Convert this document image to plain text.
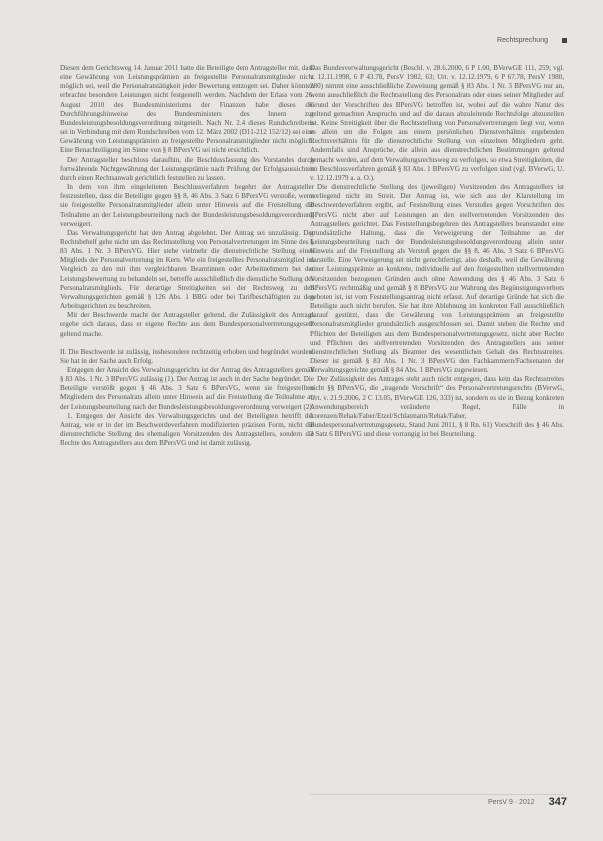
Rechtsprechung

Diesen dem Gerichtsweg 14. Januar 2011 hatte die Beteiligte dem Antragsteller mit, dass eine Gewährung von Leistungsprämien an freigestellte Personalratsmitglieder nicht möglich sei, weil die Personalratstätigkeit jeder Bewertung entzogen sei. Daher könnten erbrachte besondere Leistungen nicht festgestellt werden. Nachdem der Erlass vom 26. August 2010 des Bundesministeriums der Finanzen habe dieses die Durchführungshinweise des Bundesministers des Innern zur Bundesleistungsbesoldungsverordnung mitgeteilt. Nach Nr. 2.4 dieses Rundschreibens sei in Verbindung mit dem Rundschreiben vom 12. März 2002 (D11-212 152/12) sei eine Gewährung von Leistungsprämien an freigestellte Personalratsmitglieder nicht möglich. Eine Benachteiligung im Sinne von § 8 BPersVG sei nicht ersichtlich.

Der Antragsteller beschloss daraufhin, die Beschlussfassung des Vorstandes durch fortwährende Nichtgewährung der Leistungsprämie nach Prüfung der Erfolgsaussichten durch einen Rechtsanwalt gerichtlich feststellen zu lassen.

In dem von ihm eingeleiteten Beschlussverfahren begehrt der Antragsteller festzustellen, dass die Beteiligte gegen §§ 8, 46 Abs. 3 Satz 6 BPersVG verstoße, wenn sie freigestellte Personalratsmitglieder allein unter Hinweis auf die Freistellung die Teilnahme an der Leistungsbeurteilung nach der Bundesleistungsbesoldungsverordnung verweigert.

Das Verwaltungsgericht hat den Antrag abgelehnt. Der Antrag sei unzulässig. Der Rechtsbehelf gehe nicht um das Rechtsstellung von Personalvertretungen im Sinne des § 83 Abs. 1 Nr. 3 BPersVG. Hier stehe vielmehr die dienstrechtliche Stellung eines Mitglieds der Personalvertretung im Kern. Wie ein freigestelltes Personalratsmitglied im Vergleich zu den mit ihm vergleichbaren Beamtinnen oder Arbeitnehmern bei der Leistungsbewertung zu behandeln sei, betreffe ausschließlich die dienstliche Stellung des Personalratsmitglieds. Für derartige Streitigkeiten sei der Rechtsweg zu den Verwaltungsgerichten gemäß § 126 Abs. 1 BBG oder bei Tarifbeschäftigten zu den Arbeitsgerichten zu beschreiten.

Mit der Beschwerde macht der Antragsteller geltend, die Zulässigkeit des Antrags ergebe sich daraus, dass er eigene Rechte aus dem Bundespersonalvertretungsgesetz geltend mache.

II. Die Beschwerde ist zulässig, insbesondere rechtzeitig erhoben und begründet worden. Sie hat in der Sache auch Erfolg.

Entgegen der Ansicht des Verwaltungsgerichts ist der Antrag des Antragstellers gemäß § 83 Abs. 1 Nr. 3 BPersVG zulässig (1). Der Antrag ist auch in der Sache begründet. Die Beteiligte verstößt gegen § 46 Abs. 3 Satz 6 BPersVG, wenn sie freigestellten Mitgliedern des Personalrats allein unter Hinweis auf die Freistellung die Teilnahme an der Leistungsbeurteilung nach der Bundesleistungsbesoldungsverordnung verweigert (2).

1. Entgegen der Ansicht des Verwaltungsgerichts und der Beteiligten betrifft der Antrag, wie er in der im Beschwerdeverfahren modifizierten präzisen Form, nicht die dienstrechtliche Stellung des ehemaligen Vorsitzenden des Antragstellers, sondern die Rechte des Antragstellers aus dem BPersVG und ist damit zulässig.

Das Bundesverwaltungsgericht (Beschl. v. 28.6.2000, 6 P 1.00, BVerwGE 111, 259; vgl. v. 12.11.1998, 6 P 43.78, PersV 1982, 63; Urt. v. 12.12.1979, 6 P 67.78, PersV 1980, 280) nimmt eine ausschließliche Zuweisung gemäß § 83 Abs. 1 Nr. 3 BPersVG nur an, wenn ausschließlich die Rechtsstellung des Personalrats oder eines seiner Mitglieder auf Grund der Vorschriften des BPersVG betroffen ist, wobei auf die wahre Natur des geltend gemachten Anspruchs und auf die daraus abzuleitende Rechtsfolge abzustellen ist. Keine Streitigkeit über die Rechtsstellung von Personalvertretungen liegt vor, wenn es allein um die Folgen aus einem persönlichen Dienstverhältnis ergebenden Rechtsverhältnis für die dienstrechtliche Stellung von einzelnen Mitgliedern geht. Andernfalls sind Ansprüche, die allein aus dienstrechtlichen Bestimmungen geltend gemacht werden, auf dem Verwaltungsrechtsweg zu verfolgen, so etwa Streitigkeiten, die im Beschlussverfahren gemäß § 83 Abs. 1 BPersVG zu verfolgen sind (vgl. BVerwG, U. v. 12.12.1979 a. a. O.).

Die dienstrechtliche Stellung des (jeweiligen) Vorsitzenden des Antragstellers ist vorliegend nicht im Streit. Der Antrag ist, wie sich aus der Klarstellung im Beschwerdeverfahren ergibt, auf Feststellung eines Verstoßes gegen Vorschriften des BPersVG nicht aber auf Leistungen an den stellvertretenden Vorsitzenden des Antragstellers gerichtet. Das Feststellungsbegehren des Antragstellers beanstandet eine grundsätzliche Haltung, dass die Verweigerung der Teilnahme an der Leistungsbeurteilung nach der Bundesleistungsbesoldungsverordnung allein unter Hinweis auf die Freistellung als Verstoß gegen die §§ 8, 46 Abs. 3 Satz 6 BPersVG darstelle. Eine Verweigerung sei nicht gerechtfertigt, also deshalb, weil die Gewährung einer Leistungsprämie an konkrete, individuelle auf den freigestellten stellvertretenden Vorsitzenden bezogenen Gründen auch ohne Anwendung des § 46 Abs. 3 Satz 6 BPersVG rechtmäßig und gemäß § 8 BPersVG zur Wahrung des Begünstigungsverbots geboten ist, ist vom Feststellungsantrag nicht erfasst. Auf derartige Gründe hat sich die Beteiligte auch nicht berufen. Sie hat ihre Ablehnung im konkreten Fall ausschließlich darauf gestützt, dass die Gewährung von Leistungsprämien an freigestellte Personalratsmitglieder grundsätzlich ausgeschlossen sei. Damit stehen die Rechte und Pflichten der Beteiligten aus dem Bundespersonalvertretungsgesetz, nicht aber Rechte und Pflichten des stellvertretenden Vorsitzenden des Antragstellers aus seiner dienstrechtlichen Stellung als Beamter des wesentlichen Gehalt des Rechtsstreites. Dieser ist gemäß § 83 Abs. 1 Nr. 3 BPersVG den Fachkammern/Fachsenaten der Verwaltungsgerichte gemäß § 84 Abs. 1 BPersVG zugewiesen.

Der Zulässigkeit des Antrages steht auch nicht entgegen, dass kein das Rechtsstreites nicht §§ BPersVG, die „tragende Vorschrift“ des Personalvertretungsrechts (BVerwG, Urt. v. 21.9.2006, 2 C 13.05, BVerwGE 126, 333) ist, sondern es sie in Bezug konkreten Anwendungsbereich veränderte Regel, Fälle in Lorenzen/Rehak/Faber/Etzel/Schlatmann/Rehak/Faber, Bundespersonalvertretungsgesetz, Stand Juni 2011, § 8 Rn. 61) Vorschrift des § 46 Abs. 3 Satz 6 BPersVG und diese vorrangig ist bei Beurteilung.

PersV 9 · 2012 347
